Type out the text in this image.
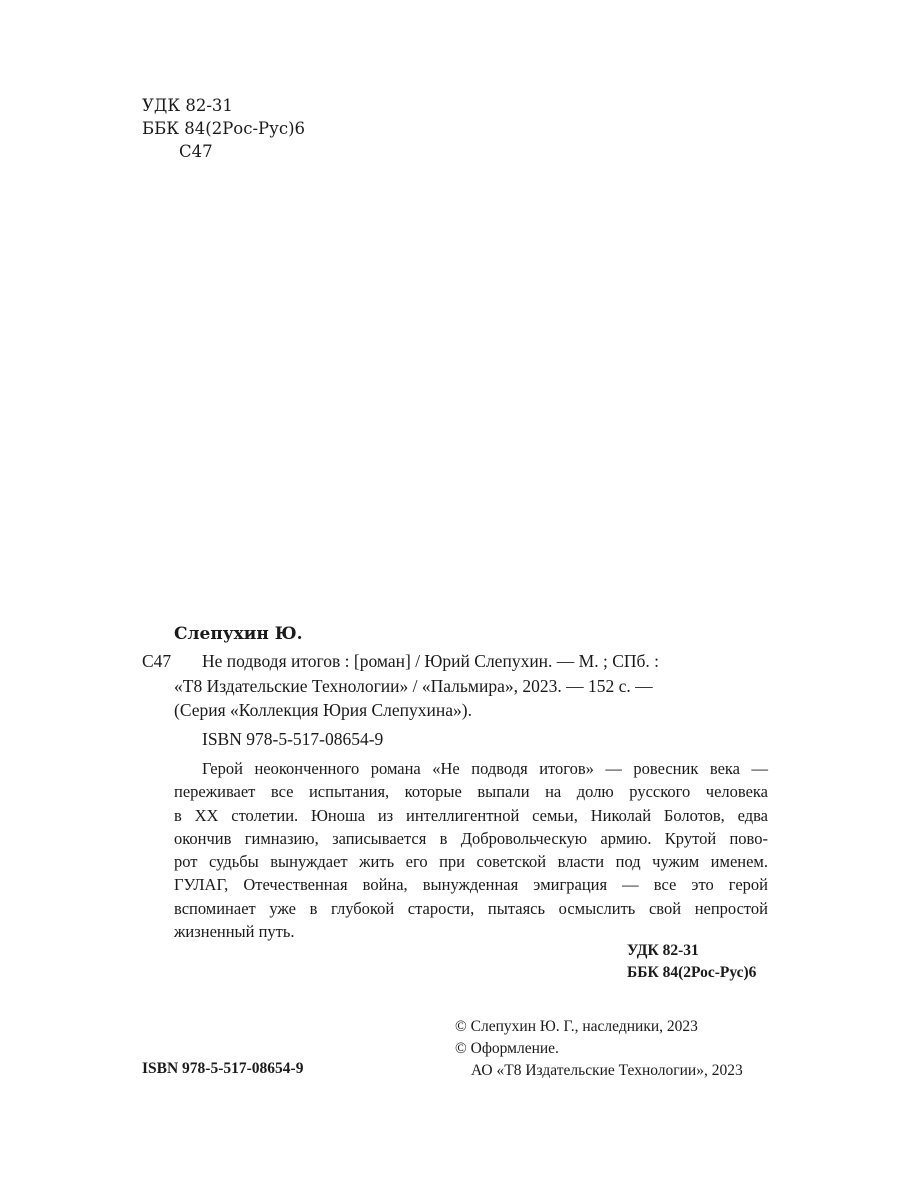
УДК 82-31
ББК 84(2Рос-Рус)6
С47
Слепухин Ю.
С47 Не подводя итогов : [роман] / Юрий Слепухин. — М. ; СПб. :
«Т8 Издательские Технологии» / «Пальмира», 2023. — 152 с. —
(Серия «Коллекция Юрия Слепухина»).
ISBN 978-5-517-08654-9

Герой неоконченного романа «Не подводя итогов» — ровесник века —

переживает все испытания, которые выпали на долю русского человека

в XX столетии. Юноша из интеллигентной семьи, Николай Болотов, едва

окончив гимназию, записывается в Добровольческую армию. Крутой пово-

рот судьбы вынуждает жить его при советской власти под чужим именем.

ГУЛАГ, Отечественная война, вынужденная эмиграция — все это герой

вспоминает уже в глубокой старости, пытаясь осмыслить свой непростой

жизненный путь.

УДК 82-31
ББК 84(2Рос-Рус)6
© Слепухин Ю. Г., наследники, 2023
© Оформление.
АО «Т8 Издательские Технологии», 2023
ISBN 978-5-517-08654-9
